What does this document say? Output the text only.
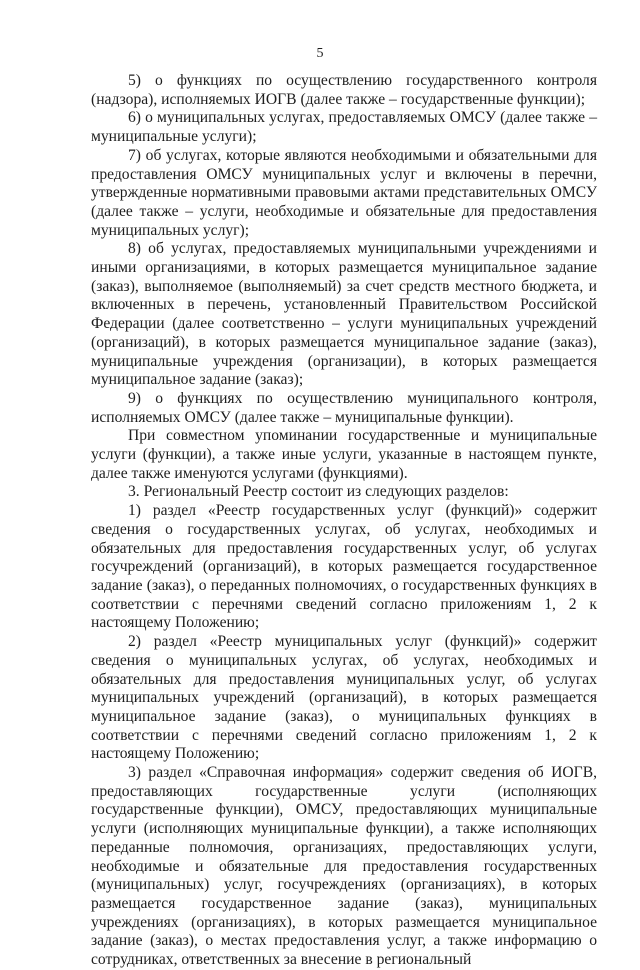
5

5) о функциях по осуществлению государственного контроля (надзора), исполняемых ИОГВ (далее также – государственные функции);

6) о муниципальных услугах, предоставляемых ОМСУ (далее также – муниципальные услуги);

7) об услугах, которые являются необходимыми и обязательными для предоставления ОМСУ муниципальных услуг и включены в перечни, утвержденные нормативными правовыми актами представительных ОМСУ (далее также – услуги, необходимые и обязательные для предоставления муниципальных услуг);

8) об услугах, предоставляемых муниципальными учреждениями и иными организациями, в которых размещается муниципальное задание (заказ), выполняемое (выполняемый) за счет средств местного бюджета, и включенных в перечень, установленный Правительством Российской Федерации (далее соответственно – услуги муниципальных учреждений (организаций), в которых размещается муниципальное задание (заказ), муниципальные учреждения (организации), в которых размещается муниципальное задание (заказ);

9) о функциях по осуществлению муниципального контроля, исполняемых ОМСУ (далее также – муниципальные функции).

При совместном упоминании государственные и муниципальные услуги (функции), а также иные услуги, указанные в настоящем пункте, далее также именуются услугами (функциями).

3. Региональный Реестр состоит из следующих разделов:

1) раздел «Реестр государственных услуг (функций)» содержит сведения о государственных услугах, об услугах, необходимых и обязательных для предоставления государственных услуг, об услугах госучреждений (организаций), в которых размещается государственное задание (заказ), о переданных полномочиях, о государственных функциях в соответствии с перечнями сведений согласно приложениям 1, 2 к настоящему Положению;

2) раздел «Реестр муниципальных услуг (функций)» содержит сведения о муниципальных услугах, об услугах, необходимых и обязательных для предоставления муниципальных услуг, об услугах муниципальных учреждений (организаций), в которых размещается муниципальное задание (заказ), о муниципальных функциях в соответствии с перечнями сведений согласно приложениям 1, 2 к настоящему Положению;

3) раздел «Справочная информация» содержит сведения об ИОГВ, предоставляющих государственные услуги (исполняющих государственные функции), ОМСУ, предоставляющих муниципальные услуги (исполняющих муниципальные функции), а также исполняющих переданные полномочия, организациях, предоставляющих услуги, необходимые и обязательные для предоставления государственных (муниципальных) услуг, госучреждениях (организациях), в которых размещается государственное задание (заказ), муниципальных учреждениях (организациях), в которых размещается муниципальное задание (заказ), о местах предоставления услуг, а также информацию о сотрудниках, ответственных за внесение в региональный
